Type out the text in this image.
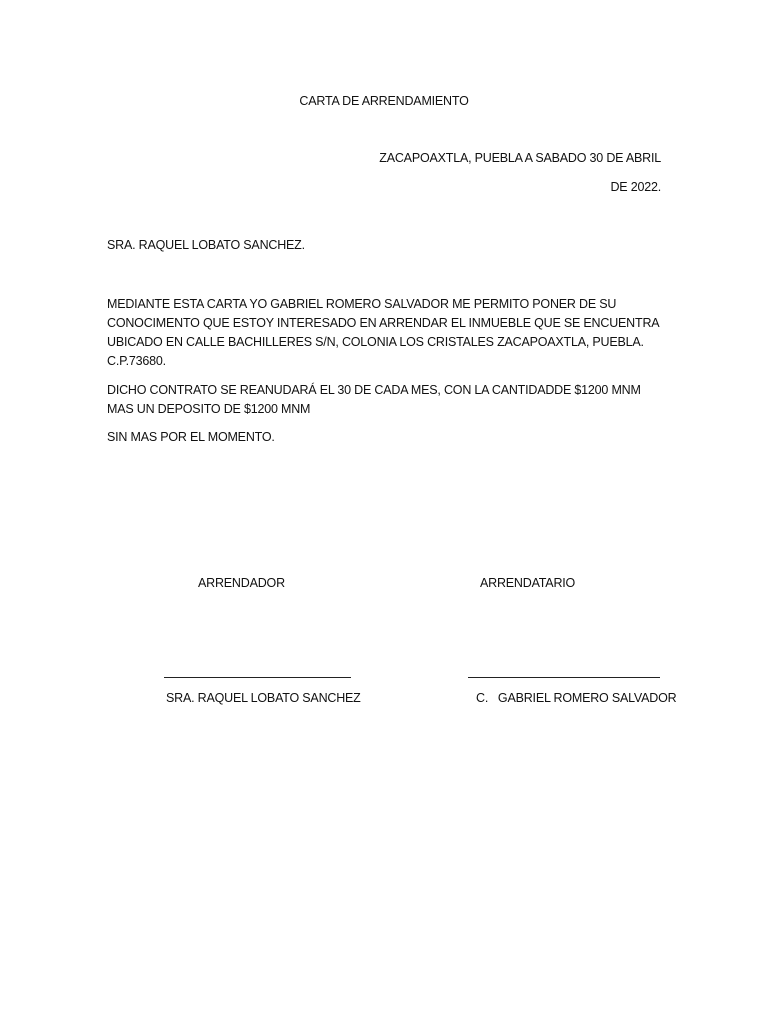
CARTA DE ARRENDAMIENTO
ZACAPOAXTLA, PUEBLA A SABADO 30 DE ABRIL
DE 2022.
SRA. RAQUEL LOBATO SANCHEZ.

MEDIANTE ESTA CARTA YO GABRIEL ROMERO SALVADOR ME PERMITO PONER DE SU CONOCIMENTO QUE ESTOY INTERESADO EN ARRENDAR EL INMUEBLE QUE SE ENCUENTRA UBICADO EN CALLE BACHILLERES S/N, COLONIA LOS CRISTALES ZACAPOAXTLA, PUEBLA. C.P.73680.

DICHO CONTRATO SE REANUDARÁ EL 30 DE CADA MES, CON LA CANTIDADDE $1200 MNM MAS UN DEPOSITO DE $1200 MNM

SIN MAS POR EL MOMENTO.
ARRENDADOR	ARRENDATARIO
SRA. RAQUEL LOBATO SANCHEZ	C.   GABRIEL ROMERO SALVADOR
